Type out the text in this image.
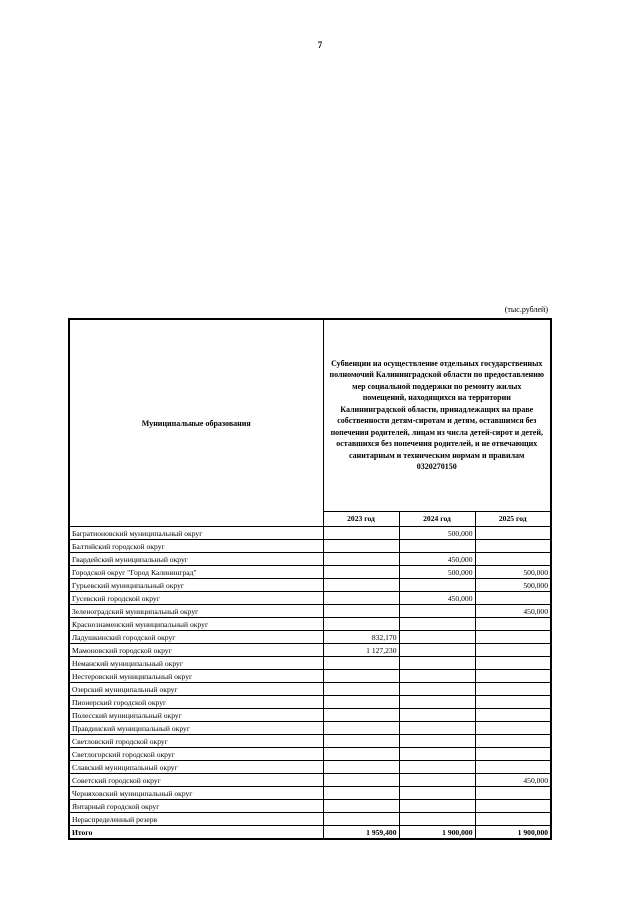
7
(тыс.рублей)
Муниципальные образования	Субвенции на осуществление отдельных государственных полномочий Калининградской области по предоставлению мер социальной поддержки по ремонту жилых помещений, находящихся на территории Калининградской области, принадлежащих на праве собственности детям-сиротам и детям, оставшимся без попечения родителей, лицам из числа детей-сирот и детей, оставшихся без попечения родителей, и не отвечающих санитарным и техническим нормам и правилам 0320270150		
	2023 год	2024 год	2025 год
Багратионовский муниципальный округ		500,000	
Балтийский городской округ			
Гвардейский муниципальный округ		450,000	
Городской округ "Город Калининград"		500,000	500,000
Гурьевский муниципальный округ			500,000
Гусевский городской округ		450,000	
Зеленоградский муниципальный округ			450,000
Краснознаменский муниципальный округ			
Ладушкинский городской округ	832,170		
Мамоновский городской округ	1 127,230		
Неманский муниципальный округ			
Нестеровский муниципальный округ			
Озерский муниципальный округ			
Пионерский городской округ			
Полесский муниципальный округ			
Правдинский муниципальный округ			
Светловский городской округ			
Светлогорский городской округ			
Славский муниципальный округ			
Советский городской округ			450,000
Черняховский муниципальный округ			
Янтарный городской округ			
Нераспределенный резерв			
Итого	1 959,400	1 900,000	1 900,000
